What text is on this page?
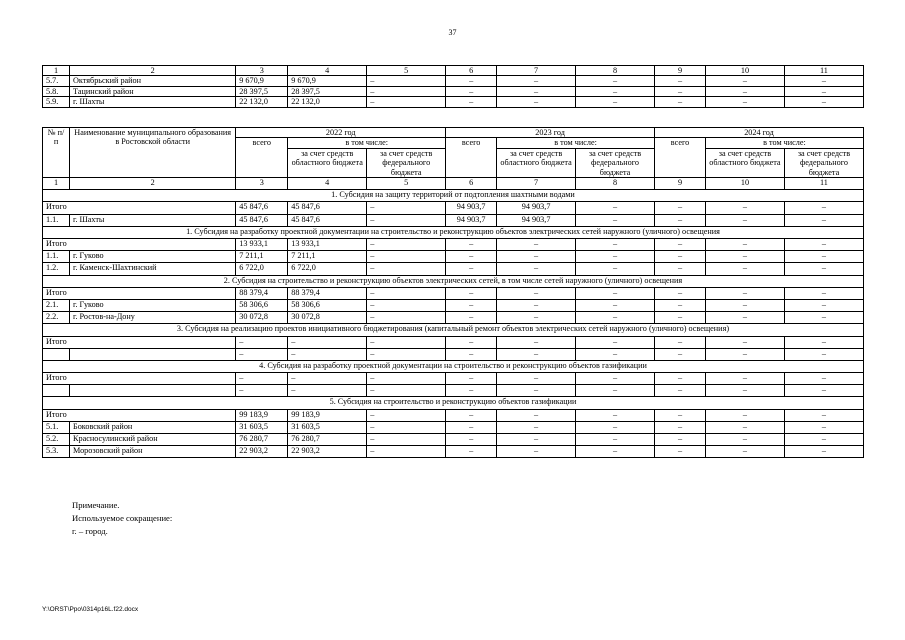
37
1	2	3	4	5	6	7	8	9	10	11
5.7.	Октябрьский район	9 670,9	9 670,9	–	–	–	–	–	–	–
5.8.	Тацинский район	28 397,5	28 397,5	–	–	–	–	–	–	–
5.9.	г. Шахты	22 132,0	22 132,0	–	–	–	–	–	–	–
№ п/п	Наименование муниципального образования в Ростовской области	2022 год			2023 год			2024 год		
		всего	в том числе:		всего	в том числе:		всего	в том числе:	
			за счет средств областного бюджета	за счет средств федерального бюджета		за счет средств областного бюджета	за счет средств федерального бюджета		за счет средств областного бюджета	за счет средств федерального бюджета
1	2	3	4	5	6	7	8	9	10	11
1. Субсидия на защиту территорий от подтопления шахтными водами										
Итого		45 847,6	45 847,6	–	94 903,7	94 903,7	–	–	–	–
1.1.	г. Шахты	45 847,6	45 847,6	–	94 903,7	94 903,7	–	–	–	–
1. Субсидия на разработку проектной документации на строительство и реконструкцию объектов электрических сетей наружного (уличного) освещения										
Итого		13 933,1	13 933,1	–	–	–	–	–	–	–
1.1.	г. Гуково	7 211,1	7 211,1	–	–	–	–	–	–	–
1.2.	г. Каменск-Шахтинский	6 722,0	6 722,0	–	–	–	–	–	–	–
2. Субсидия на строительство и реконструкцию объектов электрических сетей, в том числе сетей наружного (уличного) освещения										
Итого		88 379,4	88 379,4	–	–	–	–	–	–	–
2.1.	г. Гуково	58 306,6	58 306,6	–	–	–	–	–	–	–
2.2.	г. Ростов-на-Дону	30 072,8	30 072,8	–	–	–	–	–	–	–
3. Субсидия на реализацию проектов инициативного бюджетирования (капитальный ремонт объектов электрических сетей наружного (уличного) освещения)										
Итого		–	–	–	–	–	–	–	–	–
		–	–	–	–	–	–	–	–	–
4. Субсидия на разработку проектной документации на строительство и реконструкцию объектов газификации										
Итого		–	–	–	–	–	–	–	–	–
		–	–	–	–	–	–	–	–	–
5. Субсидия на строительство и реконструкцию объектов газификации										
Итого		99 183,9	99 183,9	–	–	–	–	–	–	–
5.1.	Боковский район	31 603,5	31 603,5	–	–	–	–	–	–	–
5.2.	Красносулинский район	76 280,7	76 280,7	–	–	–	–	–	–	–
5.3.	Морозовский район	22 903,2	22 903,2	–	–	–	–	–	–	–
Примечание.
Используемое сокращение:
г. – город.
Y:\ORST\Ppo\0314p16L.f22.docx
